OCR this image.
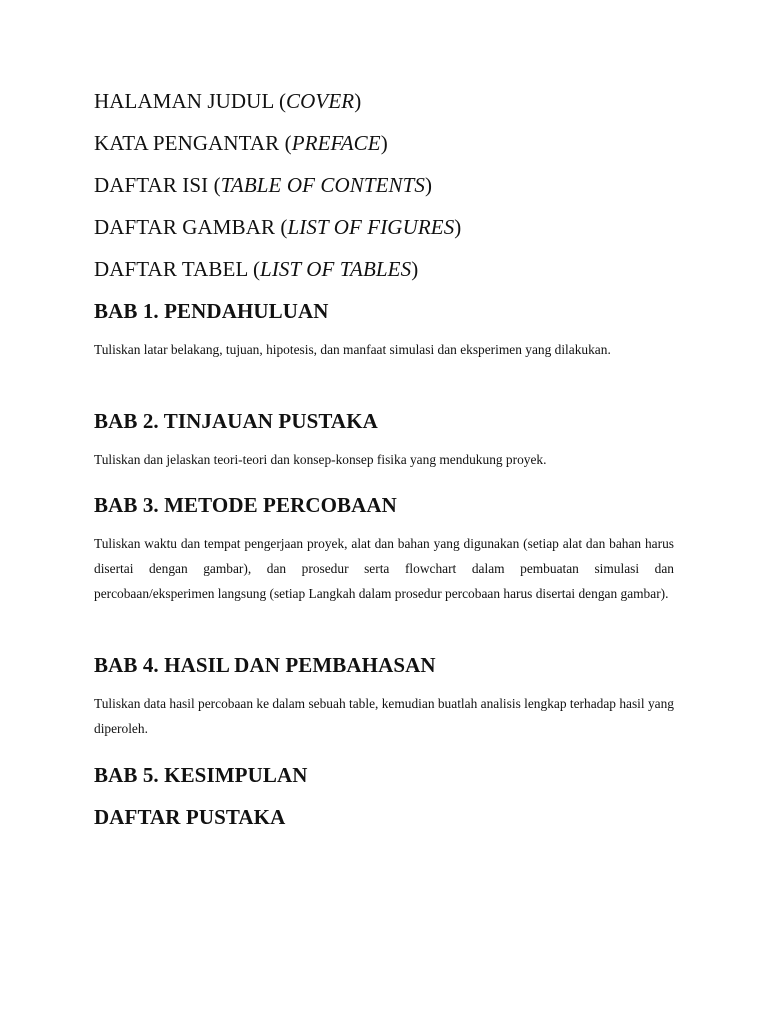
HALAMAN JUDUL (COVER)
KATA PENGANTAR (PREFACE)
DAFTAR ISI (TABLE OF CONTENTS)
DAFTAR GAMBAR (LIST OF FIGURES)
DAFTAR TABEL (LIST OF TABLES)
BAB 1. PENDAHULUAN

Tuliskan latar belakang, tujuan, hipotesis, dan manfaat simulasi dan eksperimen yang dilakukan.

BAB 2. TINJAUAN PUSTAKA

Tuliskan dan jelaskan teori-teori dan konsep-konsep fisika yang mendukung proyek.

BAB 3. METODE PERCOBAAN

Tuliskan waktu dan tempat pengerjaan proyek, alat dan bahan yang digunakan (setiap alat dan bahan harus disertai dengan gambar), dan prosedur serta flowchart dalam pembuatan simulasi dan percobaan/eksperimen langsung (setiap Langkah dalam prosedur percobaan harus disertai dengan gambar).

BAB 4. HASIL DAN PEMBAHASAN

Tuliskan data hasil percobaan ke dalam sebuah table, kemudian buatlah analisis lengkap terhadap hasil yang diperoleh.

BAB 5. KESIMPULAN
DAFTAR PUSTAKA
